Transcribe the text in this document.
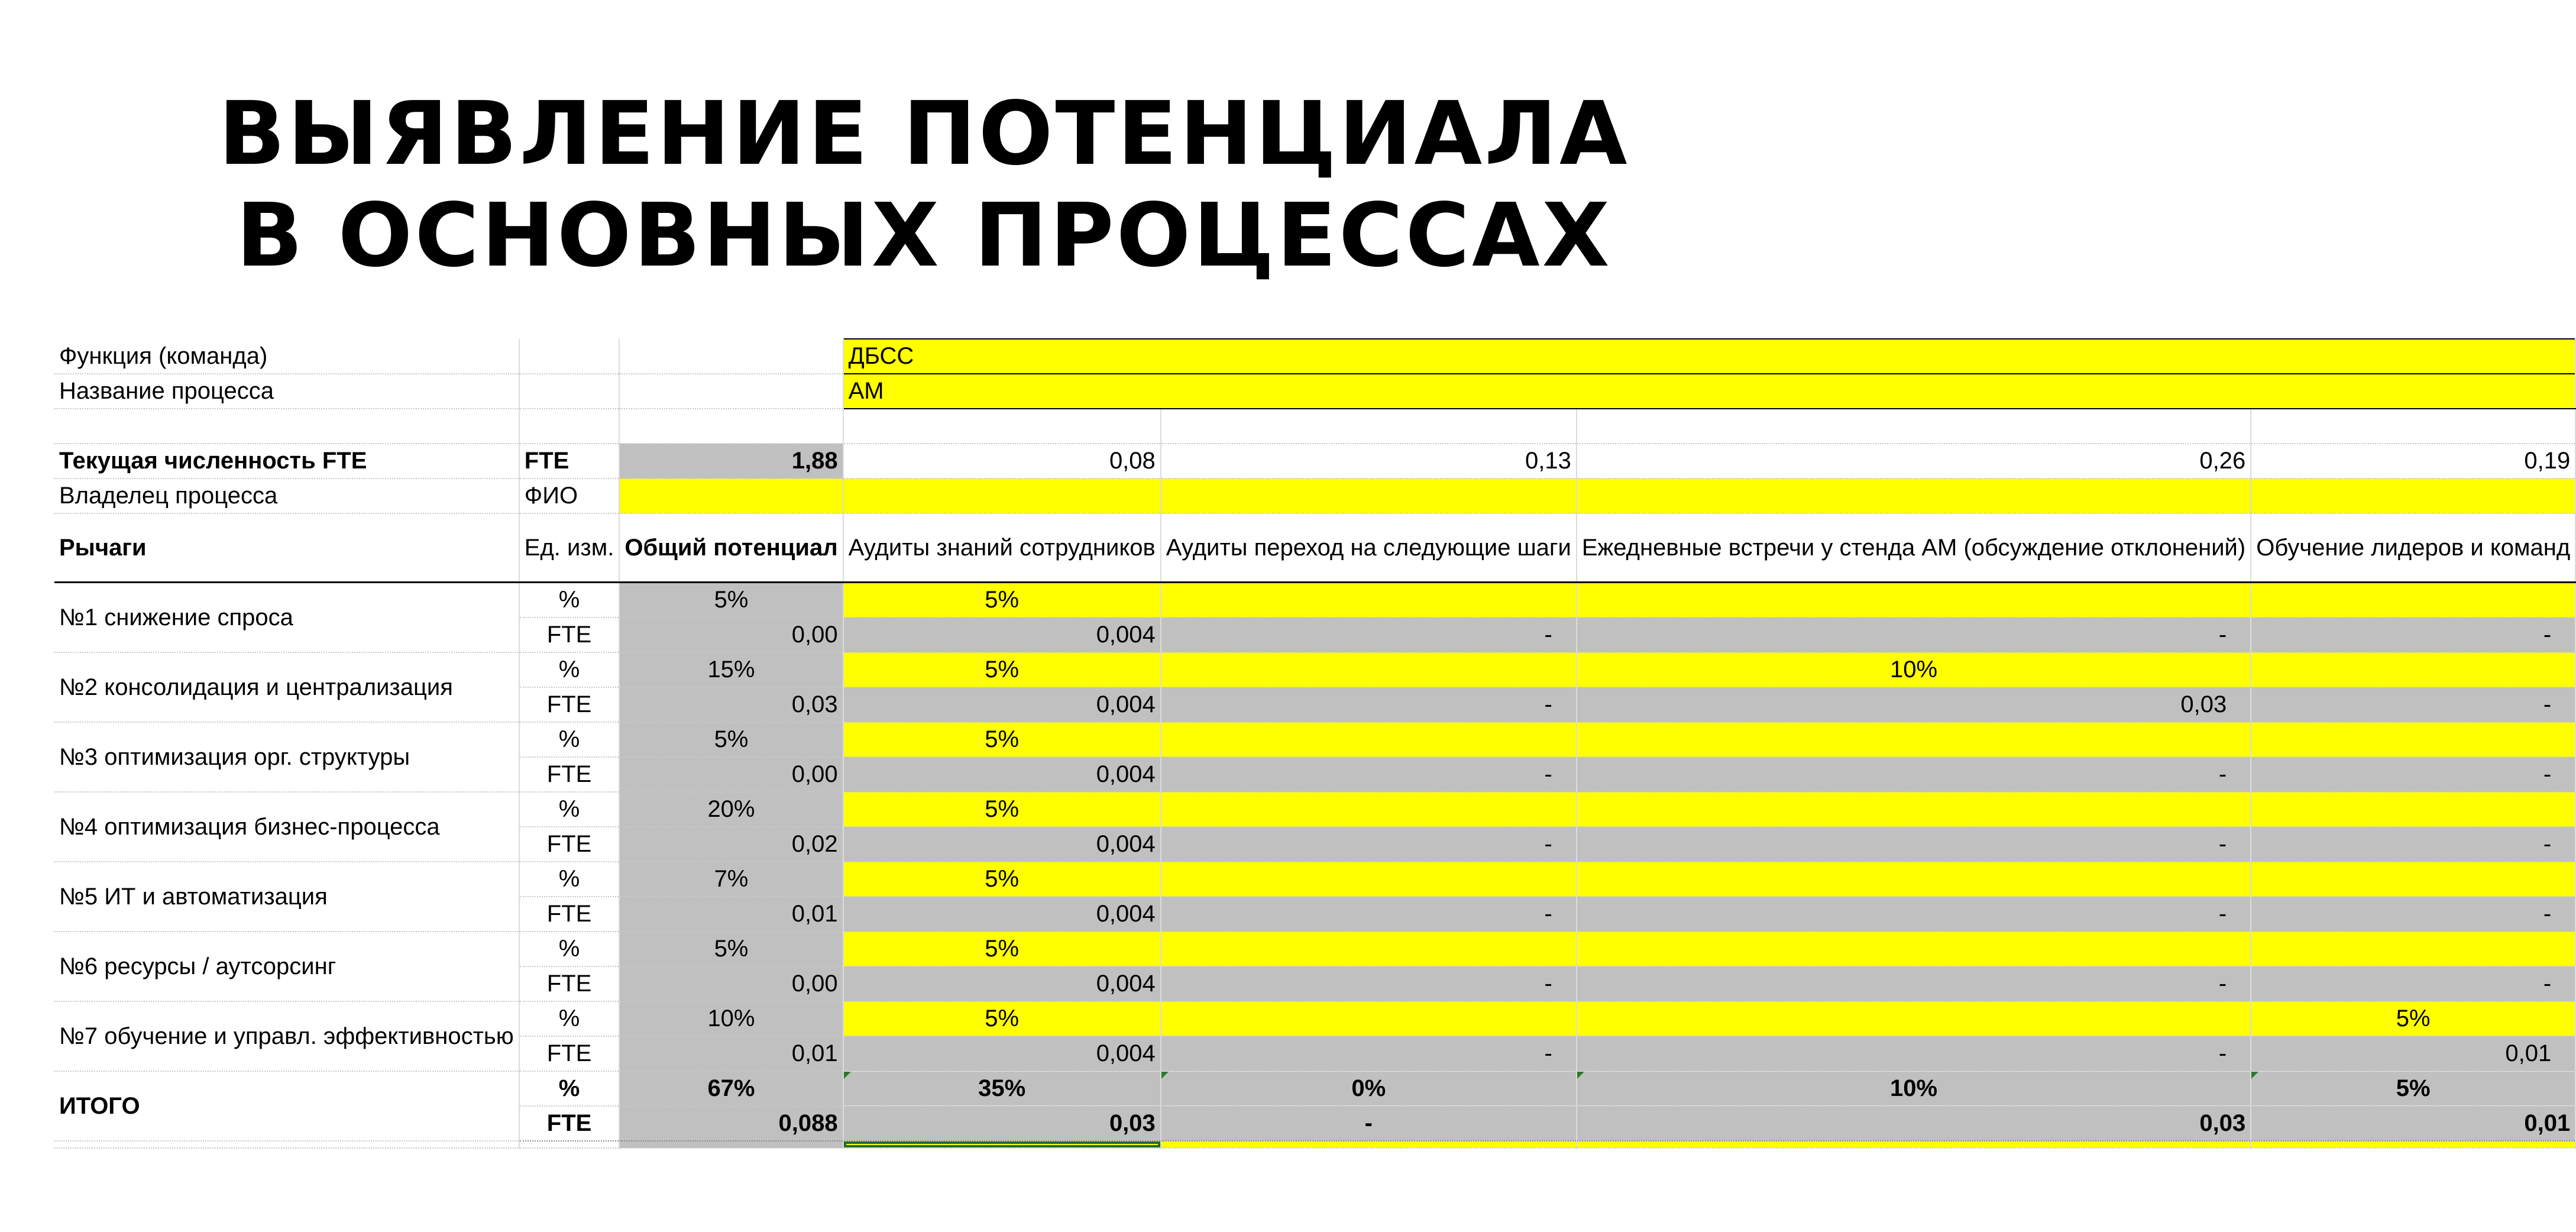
ВЫЯВЛЕНИЕ ПОТЕНЦИАЛА
В ОСНОВНЫХ ПРОЦЕССАХ
Функция (команда)			ДБСС			
Название процесса			АМ			

Текущая численность FTE	FTE	1,88	0,08	0,13	0,26	0,19
Владелец процесса	ФИО					
Рычаги	Ед. изм.	Общий потенциал	Аудиты знаний сотрудников	Аудиты переход на следующие шаги	Ежедневные встречи у стенда АМ (обсуждение отклонений)	Обучение лидеров и команд
№1 снижение спроса	%	5%	5%			
	FTE	0,00	0,004	-	-	-
№2 консолидация и централизация	%	15%	5%		10%	
	FTE	0,03	0,004	-	0,03	-
№3 оптимизация орг. структуры	%	5%	5%			
	FTE	0,00	0,004	-	-	-
№4 оптимизация бизнес-процесса	%	20%	5%			
	FTE	0,02	0,004	-	-	-
№5 ИТ и автоматизация	%	7%	5%			
	FTE	0,01	0,004	-	-	-
№6 ресурсы / аутсорсинг	%	5%	5%			
	FTE	0,00	0,004	-	-	-
№7 обучение и управл. эффективностью	%	10%	5%			5%
	FTE	0,01	0,004	-	-	0,01
ИТОГО	%	67%	35%	0%	10%	5%
	FTE	0,088	0,03	-	0,03	0,01
